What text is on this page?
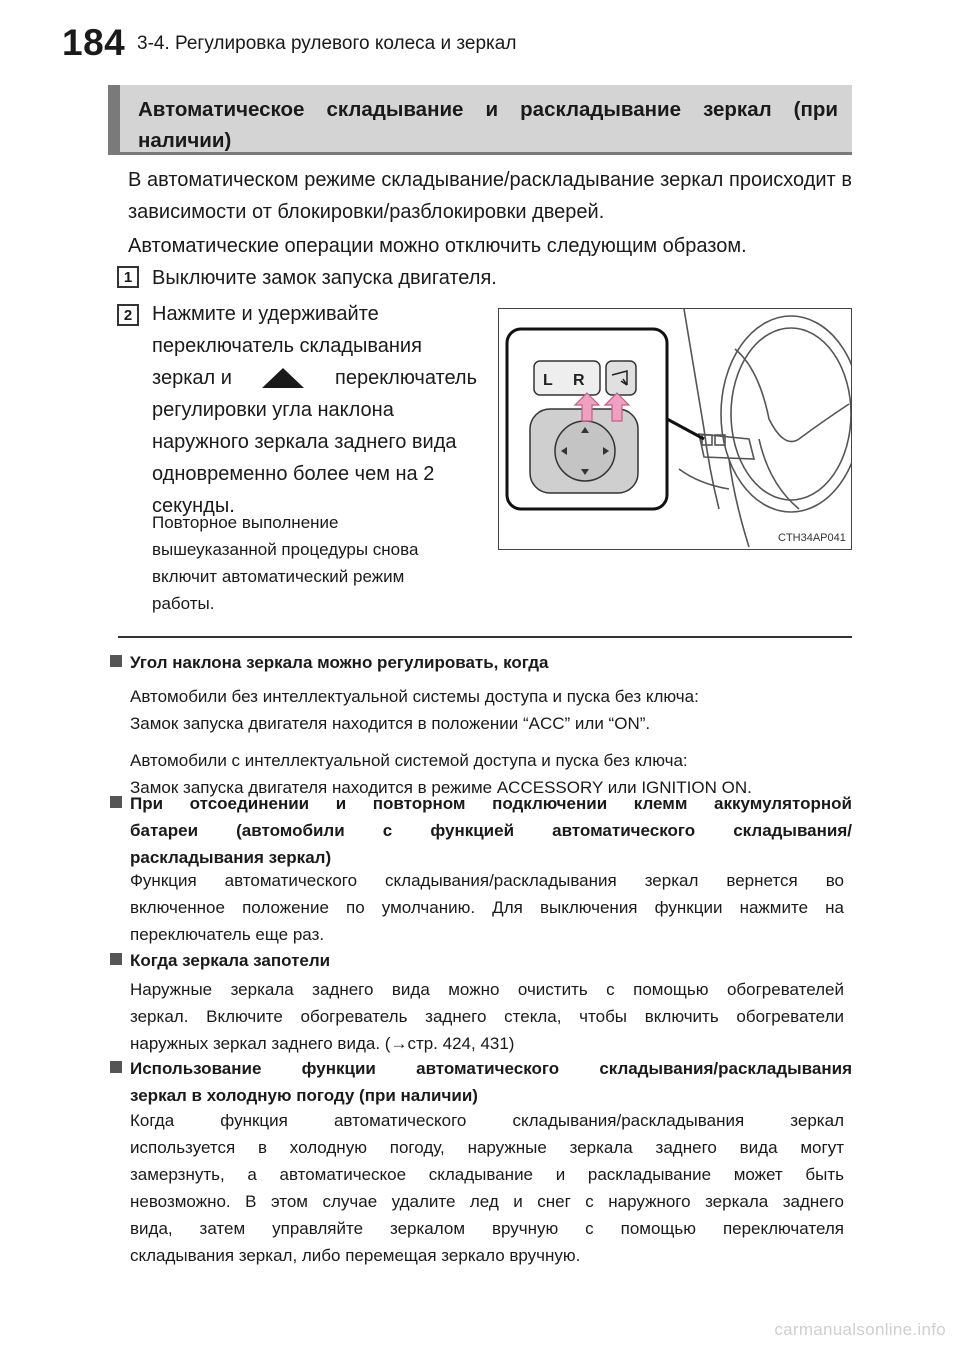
184 3-4. Регулировка рулевого колеса и зеркал
Автоматическое складывание и раскладывание зеркал (при наличии)
В автоматическом режиме складывание/раскладывание зеркал происходит в зависимости от блокировки/разблокировки дверей.
Автоматические операции можно отключить следующим образом.
1 Выключите замок запуска двигателя.
2 Нажмите и удерживайте
переключатель складывания
зеркал и	переключатель
регулировки угла наклона
наружного зеркала заднего вида
одновременно более чем на 2
секунды.
Повторное выполнение
вышеуказанной процедуры снова
включит автоматический режим
работы.
L R
CTH34AP041
Угол наклона зеркала можно регулировать, когда
Автомобили без интеллектуальной системы доступа и пуска без ключа:
Замок запуска двигателя находится в положении “ACC” или “ON”.
Автомобили с интеллектуальной системой доступа и пуска без ключа:
Замок запуска двигателя находится в режиме ACCESSORY или IGNITION ON.
При отсоединении и повторном подключении клемм аккумуляторной
батареи (автомобили с функцией автоматического складывания/
раскладывания зеркал)
Функция автоматического складывания/раскладывания зеркал вернется во
включенное положение по умолчанию. Для выключения функции нажмите на
переключатель еще раз.
Когда зеркала запотели
Наружные зеркала заднего вида можно очистить с помощью обогревателей
зеркал. Включите обогреватель заднего стекла, чтобы включить обогреватели
наружных зеркал заднего вида. (→стр. 424, 431)
Использование функции автоматического складывания/раскладывания
зеркал в холодную погоду (при наличии)
Когда функция автоматического складывания/раскладывания зеркал
используется в холодную погоду, наружные зеркала заднего вида могут
замерзнуть, а автоматическое складывание и раскладывание может быть
невозможно. В этом случае удалите лед и снег с наружного зеркала заднего
вида, затем управляйте зеркалом вручную с помощью переключателя
складывания зеркал, либо перемещая зеркало вручную.
carmanualsonline.info
